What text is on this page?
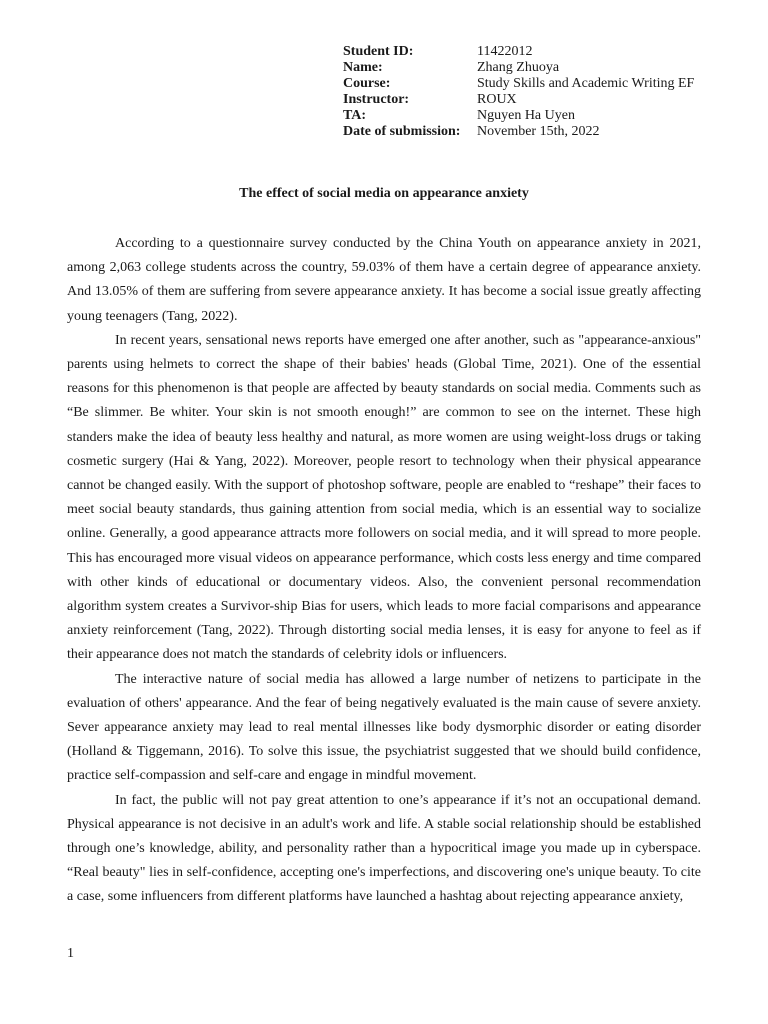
Student ID:	11422012
Name:	Zhang Zhuoya
Course:	Study Skills and Academic Writing EF
Instructor:	ROUX
TA:	Nguyen Ha Uyen
Date of submission:	November 15th, 2022
The effect of social media on appearance anxiety

According to a questionnaire survey conducted by the China Youth on appearance anxiety in 2021, among 2,063 college students across the country, 59.03% of them have a certain degree of appearance anxiety. And 13.05% of them are suffering from severe appearance anxiety. It has become a social issue greatly affecting young teenagers (Tang, 2022).

In recent years, sensational news reports have emerged one after another, such as "appearance-anxious" parents using helmets to correct the shape of their babies' heads (Global Time, 2021). One of the essential reasons for this phenomenon is that people are affected by beauty standards on social media. Comments such as “Be slimmer. Be whiter. Your skin is not smooth enough!” are common to see on the internet. These high standers make the idea of beauty less healthy and natural, as more women are using weight-loss drugs or taking cosmetic surgery (Hai & Yang, 2022). Moreover, people resort to technology when their physical appearance cannot be changed easily. With the support of photoshop software, people are enabled to “reshape” their faces to meet social beauty standards, thus gaining attention from social media, which is an essential way to socialize online. Generally, a good appearance attracts more followers on social media, and it will spread to more people. This has encouraged more visual videos on appearance performance, which costs less energy and time compared with other kinds of educational or documentary videos. Also, the convenient personal recommendation algorithm system creates a Survivor-ship Bias for users, which leads to more facial comparisons and appearance anxiety reinforcement (Tang, 2022). Through distorting social media lenses, it is easy for anyone to feel as if their appearance does not match the standards of celebrity idols or influencers.

The interactive nature of social media has allowed a large number of netizens to participate in the evaluation of others' appearance. And the fear of being negatively evaluated is the main cause of severe anxiety. Sever appearance anxiety may lead to real mental illnesses like body dysmorphic disorder or eating disorder (Holland & Tiggemann, 2016). To solve this issue, the psychiatrist suggested that we should build confidence, practice self-compassion and self-care and engage in mindful movement.

In fact, the public will not pay great attention to one’s appearance if it’s not an occupational demand. Physical appearance is not decisive in an adult's work and life. A stable social relationship should be established through one’s knowledge, ability, and personality rather than a hypocritical image you made up in cyberspace. “Real beauty" lies in self-confidence, accepting one's imperfections, and discovering one's unique beauty. To cite a case, some influencers from different platforms have launched a hashtag about rejecting appearance anxiety,

1
